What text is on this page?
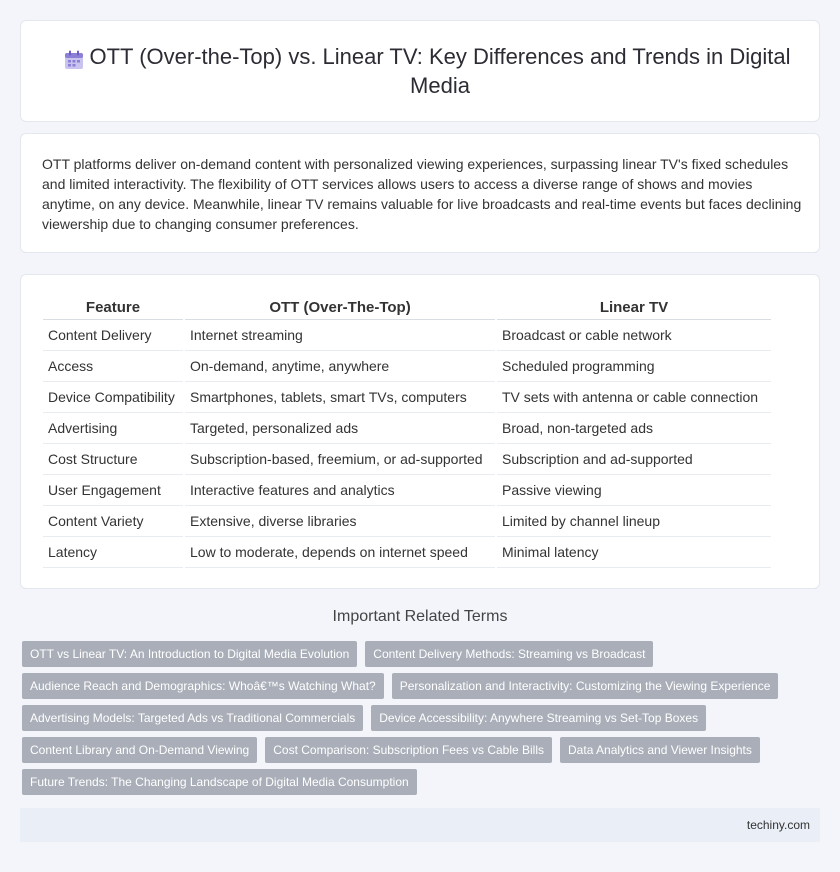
OTT (Over-the-Top) vs. Linear TV: Key Differences and Trends in Digital Media

OTT platforms deliver on-demand content with personalized viewing experiences, surpassing linear TV's fixed schedules and limited interactivity. The flexibility of OTT services allows users to access a diverse range of shows and movies anytime, on any device. Meanwhile, linear TV remains valuable for live broadcasts and real-time events but faces declining viewership due to changing consumer preferences.

Feature		OTT (Over-The-Top)		Linear TV
Content Delivery		Internet streaming		Broadcast or cable network
Access		On-demand, anytime, anywhere		Scheduled programming
Device Compatibility		Smartphones, tablets, smart TVs, computers		TV sets with antenna or cable connection
Advertising		Targeted, personalized ads		Broad, non-targeted ads
Cost Structure		Subscription-based, freemium, or ad-supported		Subscription and ad-supported
User Engagement		Interactive features and analytics		Passive viewing
Content Variety		Extensive, diverse libraries		Limited by channel lineup
Latency		Low to moderate, depends on internet speed		Minimal latency
Important Related Terms
OTT vs Linear TV: An Introduction to Digital Media Evolution	Content Delivery Methods: Streaming vs Broadcast
Audience Reach and Demographics: Whoâ€™s Watching What?	Personalization and Interactivity: Customizing the Viewing Experience
Advertising Models: Targeted Ads vs Traditional Commercials	Device Accessibility: Anywhere Streaming vs Set-Top Boxes
Content Library and On-Demand Viewing	Cost Comparison: Subscription Fees vs Cable Bills	Data Analytics and Viewer Insights
Future Trends: The Changing Landscape of Digital Media Consumption
techiny.com
